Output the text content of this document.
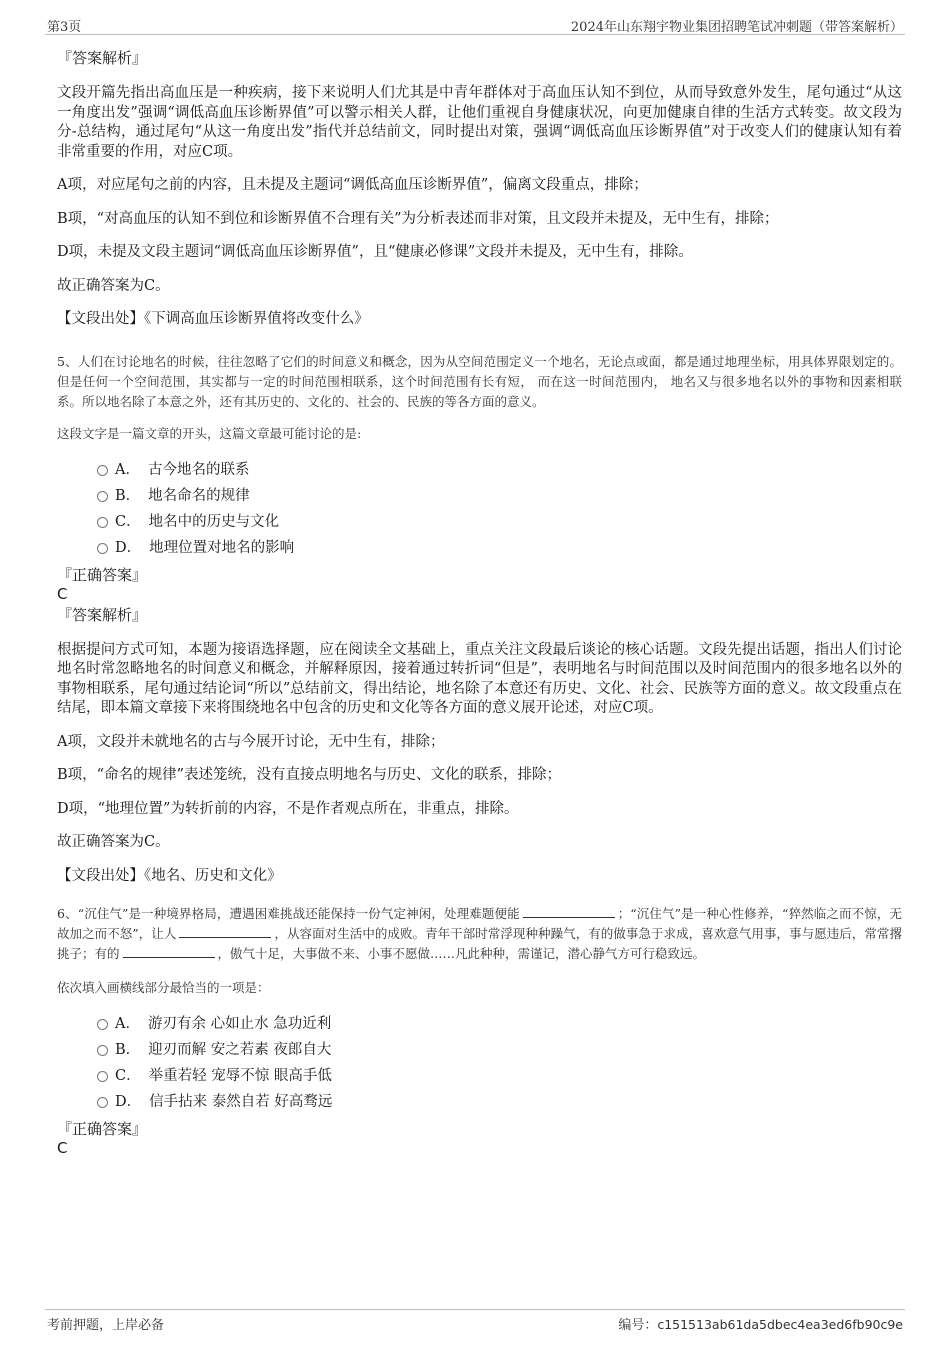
第3页	2024年山东翔宇物业集团招聘笔试冲刺题（带答案解析）

『答案解析』

文段开篇先指出高血压是一种疾病，接下来说明人们尤其是中青年群体对于高血压认知不到位，从而导致意外发生，尾句通过“从这一角度出发”强调“调低高血压诊断界值”可以警示相关人群，让他们重视自身健康状况，向更加健康自律的生活方式转变。故文段为分-总结构，通过尾句“从这一角度出发”指代并总结前文，同时提出对策，强调“调低高血压诊断界值”对于改变人们的健康认知有着非常重要的作用，对应C项。

A项，对应尾句之前的内容，且未提及主题词“调低高血压诊断界值”，偏离文段重点，排除；

B项，“对高血压的认知不到位和诊断界值不合理有关”为分析表述而非对策，且文段并未提及，无中生有，排除；

D项，未提及文段主题词“调低高血压诊断界值”，且“健康必修课”文段并未提及，无中生有，排除。

故正确答案为C。

【文段出处】《下调高血压诊断界值将改变什么》

5、人们在讨论地名的时候，往往忽略了它们的时间意义和概念，因为从空间范围定义一个地名，无论点或面，都是通过地理坐标，用具体界限划定的。但是任何一个空间范围，其实都与一定的时间范围相联系，这个时间范围有长有短， 而在这一时间范围内， 地名又与很多地名以外的事物和因素相联系。所以地名除了本意之外，还有其历史的、文化的、社会的、民族的等各方面的意义。

这段文字是一篇文章的开头，这篇文章最可能讨论的是:

A． 古今地名的联系
B． 地名命名的规律
C． 地名中的历史与文化
D． 地理位置对地名的影响

『正确答案』

C

『答案解析』

根据提问方式可知，本题为接语选择题，应在阅读全文基础上，重点关注文段最后谈论的核心话题。文段先提出话题，指出人们讨论地名时常忽略地名的时间意义和概念，并解释原因，接着通过转折词“但是”，表明地名与时间范围以及时间范围内的很多地名以外的事物相联系，尾句通过结论词“所以”总结前文，得出结论，地名除了本意还有历史、文化、社会、民族等方面的意义。故文段重点在结尾，即本篇文章接下来将围绕地名中包含的历史和文化等各方面的意义展开论述，对应C项。

A项，文段并未就地名的古与今展开讨论，无中生有，排除；

B项，“命名的规律”表述笼统，没有直接点明地名与历史、文化的联系，排除；

D项，“地理位置”为转折前的内容，不是作者观点所在，非重点，排除。

故正确答案为C。

【文段出处】《地名、历史和文化》

6、“沉住气”是一种境界格局，遭遇困难挑战还能保持一份气定神闲，处理难题便能	；“沉住气”是一种心性修养，“猝然临之而不惊，无故加之而不怒”，让人	，从容面对生活中的成败。青年干部时常浮现种种躁气，有的做事急于求成，喜欢意气用事，事与愿违后，常常撂挑子；有的	，傲气十足，大事做不来、小事不愿做……凡此种种，需谨记，潜心静气方可行稳致远。

依次填入画横线部分最恰当的一项是：

A． 游刃有余 心如止水 急功近利
B． 迎刃而解 安之若素 夜郎自大
C． 举重若轻 宠辱不惊 眼高手低
D． 信手拈来 泰然自若 好高骛远

『正确答案』

C

考前押题，上岸必备	编号：c151513ab61da5dbec4ea3ed6fb90c9e
